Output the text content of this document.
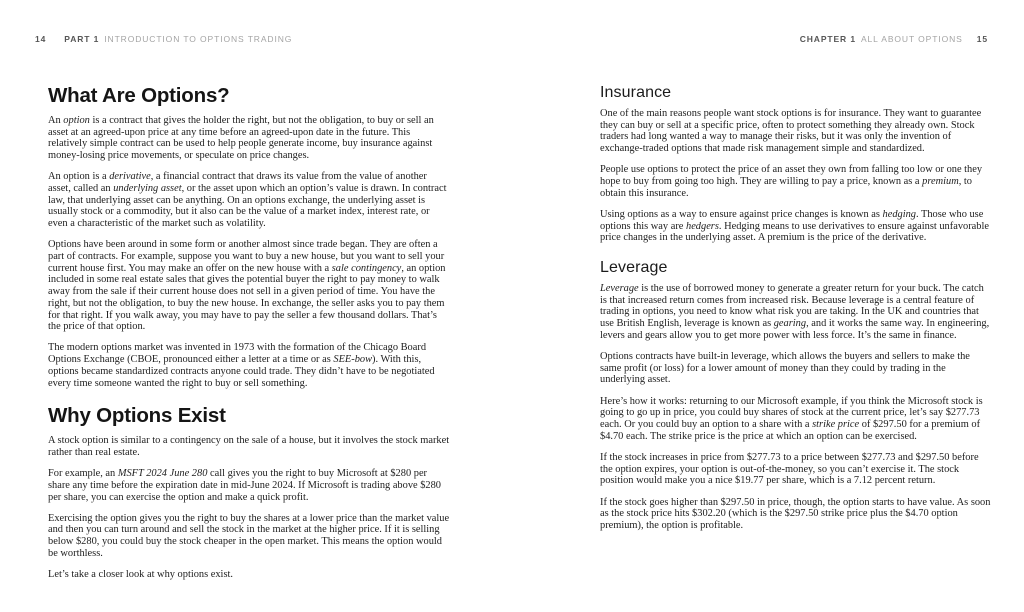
14 PART 1 INTRODUCTION TO OPTIONS TRADING
What Are Options?

An option is a contract that gives the holder the right, but not the obligation, to buy or sell an asset at an agreed-upon price at any time before an agreed-upon date in the future. This relatively simple contract can be used to help people generate income, buy insurance against money-losing price movements, or speculate on price changes.

An option is a derivative, a financial contract that draws its value from the value of another asset, called an underlying asset, or the asset upon which an option’s value is drawn. In contract law, that underlying asset can be anything. On an options exchange, the underlying asset is usually stock or a commodity, but it also can be the value of a market index, interest rate, or even a characteristic of the market such as volatility.

Options have been around in some form or another almost since trade began. They are often a part of contracts. For example, suppose you want to buy a new house, but you want to sell your current house first. You may make an offer on the new house with a sale contingency, an option included in some real estate sales that gives the potential buyer the right to pay money to walk away from the sale if their current house does not sell in a given period of time. You have the right, but not the obligation, to buy the new house. In exchange, the seller asks you to pay them for that right. If you walk away, you may have to pay the seller a few thousand dollars. That’s the price of that option.

The modern options market was invented in 1973 with the formation of the Chicago Board Options Exchange (CBOE, pronounced either a letter at a time or as SEE-bow). With this, options became standardized contracts anyone could trade. They didn’t have to be negotiated every time someone wanted the right to buy or sell something.

Why Options Exist

A stock option is similar to a contingency on the sale of a house, but it involves the stock market rather than real estate.

For example, an MSFT 2024 June 280 call gives you the right to buy Microsoft at $280 per share any time before the expiration date in mid-June 2024. If Microsoft is trading above $280 per share, you can exercise the option and make a quick profit.

Exercising the option gives you the right to buy the shares at a lower price than the market value and then you can turn around and sell the stock in the market at the higher price. If it is selling below $280, you could buy the stock cheaper in the open market. This means the option would be worthless.

Let’s take a closer look at why options exist.

CHAPTER 1 ALL ABOUT OPTIONS 15
Insurance

One of the main reasons people want stock options is for insurance. They want to guarantee they can buy or sell at a specific price, often to protect something they already own. Stock traders had long wanted a way to manage their risks, but it was only the invention of exchange-traded options that made risk management simple and standardized.

People use options to protect the price of an asset they own from falling too low or one they hope to buy from going too high. They are willing to pay a price, known as a premium, to obtain this insurance.

Using options as a way to ensure against price changes is known as hedging. Those who use options this way are hedgers. Hedging means to use derivatives to ensure against unfavorable price changes in the underlying asset. A premium is the price of the derivative.

Leverage

Leverage is the use of borrowed money to generate a greater return for your buck. The catch is that increased return comes from increased risk. Because leverage is a central feature of trading in options, you need to know what risk you are taking. In the UK and countries that use British English, leverage is known as gearing, and it works the same way. In engineering, levers and gears allow you to get more power with less force. It’s the same in finance.

Options contracts have built-in leverage, which allows the buyers and sellers to make the same profit (or loss) for a lower amount of money than they could by trading in the underlying asset.

Here’s how it works: returning to our Microsoft example, if you think the Microsoft stock is going to go up in price, you could buy shares of stock at the current price, let’s say $277.73 each. Or you could buy an option to a share with a strike price of $297.50 for a premium of $4.70 each. The strike price is the price at which an option can be exercised.

If the stock increases in price from $277.73 to a price between $277.73 and $297.50 before the option expires, your option is out-of-the-money, so you can’t exercise it. The stock position would make you a nice $19.77 per share, which is a 7.12 percent return.

If the stock goes higher than $297.50 in price, though, the option starts to have value. As soon as the stock price hits $302.20 (which is the $297.50 strike price plus the $4.70 option premium), the option is profitable.
